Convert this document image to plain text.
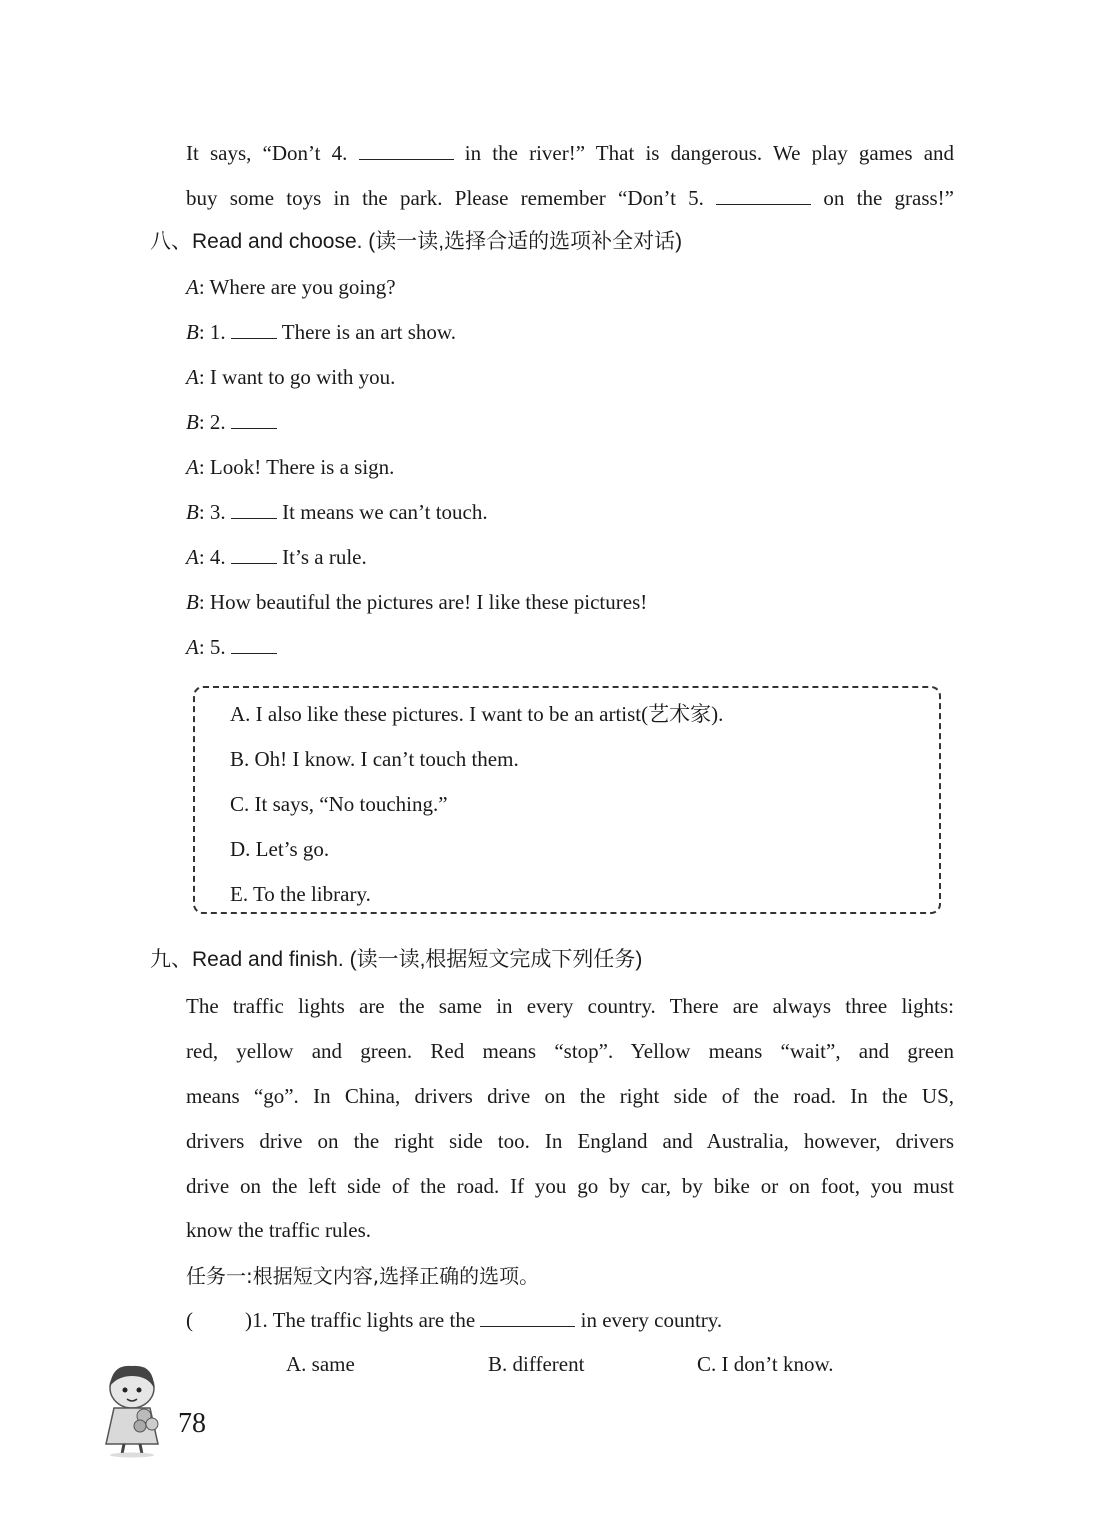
It says, “Don’t 4.	in the river!” That is dangerous. We play games and
buy some toys in the park. Please remember “Don’t 5.	on the grass!”
八、Read and choose. (读一读,选择合适的选项补全对话)
A: Where are you going?
B: 1.	There is an art show.
A: I want to go with you.
B: 2.
A: Look! There is a sign.
B: 3.	It means we can’t touch.
A: 4.	It’s a rule.
B: How beautiful the pictures are! I like these pictures!
A: 5.
A. I also like these pictures. I want to be an artist(艺术家).
B. Oh! I know. I can’t touch them.
C. It says, “No touching.”
D. Let’s go.
E. To the library.
九、Read and finish. (读一读,根据短文完成下列任务)
The traffic lights are the same in every country. There are always three lights:
red, yellow and green. Red means “stop”. Yellow means “wait”, and green
means “go”. In China, drivers drive on the right side of the road. In the US,
drivers drive on the right side too. In England and Australia, however, drivers
drive on the left side of the road. If you go by car, by bike or on foot, you must
know the traffic rules.
任务一:根据短文内容,选择正确的选项。
( )1. The traffic lights are the	in every country.
A. same	B. different	C. I don’t know.
78
